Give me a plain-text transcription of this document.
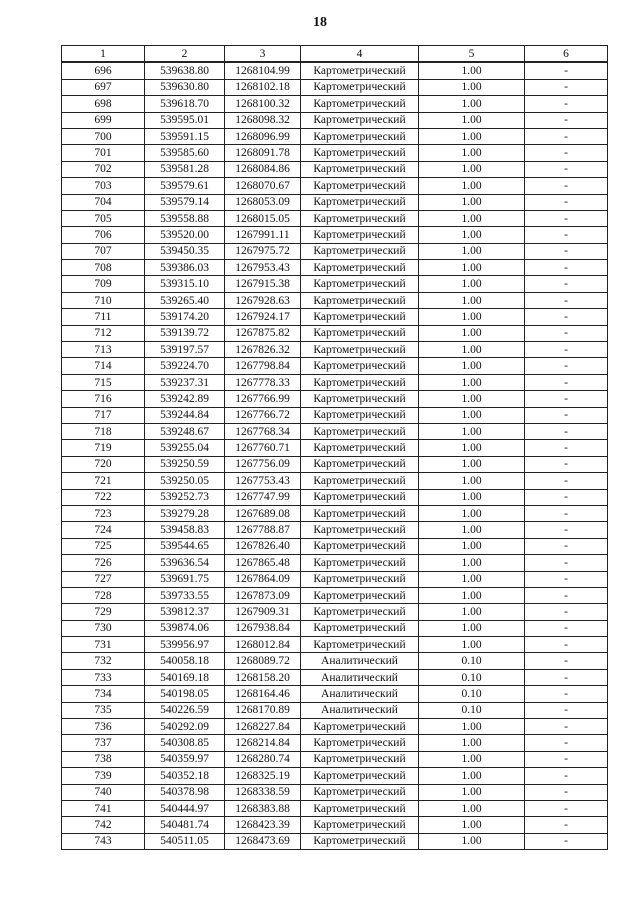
18
1	2	3	4	5	6
696	539638.80	1268104.99	Картометрический	1.00	-
697	539630.80	1268102.18	Картометрический	1.00	-
698	539618.70	1268100.32	Картометрический	1.00	-
699	539595.01	1268098.32	Картометрический	1.00	-
700	539591.15	1268096.99	Картометрический	1.00	-
701	539585.60	1268091.78	Картометрический	1.00	-
702	539581.28	1268084.86	Картометрический	1.00	-
703	539579.61	1268070.67	Картометрический	1.00	-
704	539579.14	1268053.09	Картометрический	1.00	-
705	539558.88	1268015.05	Картометрический	1.00	-
706	539520.00	1267991.11	Картометрический	1.00	-
707	539450.35	1267975.72	Картометрический	1.00	-
708	539386.03	1267953.43	Картометрический	1.00	-
709	539315.10	1267915.38	Картометрический	1.00	-
710	539265.40	1267928.63	Картометрический	1.00	-
711	539174.20	1267924.17	Картометрический	1.00	-
712	539139.72	1267875.82	Картометрический	1.00	-
713	539197.57	1267826.32	Картометрический	1.00	-
714	539224.70	1267798.84	Картометрический	1.00	-
715	539237.31	1267778.33	Картометрический	1.00	-
716	539242.89	1267766.99	Картометрический	1.00	-
717	539244.84	1267766.72	Картометрический	1.00	-
718	539248.67	1267768.34	Картометрический	1.00	-
719	539255.04	1267760.71	Картометрический	1.00	-
720	539250.59	1267756.09	Картометрический	1.00	-
721	539250.05	1267753.43	Картометрический	1.00	-
722	539252.73	1267747.99	Картометрический	1.00	-
723	539279.28	1267689.08	Картометрический	1.00	-
724	539458.83	1267788.87	Картометрический	1.00	-
725	539544.65	1267826.40	Картометрический	1.00	-
726	539636.54	1267865.48	Картометрический	1.00	-
727	539691.75	1267864.09	Картометрический	1.00	-
728	539733.55	1267873.09	Картометрический	1.00	-
729	539812.37	1267909.31	Картометрический	1.00	-
730	539874.06	1267938.84	Картометрический	1.00	-
731	539956.97	1268012.84	Картометрический	1.00	-
732	540058.18	1268089.72	Аналитический	0.10	-
733	540169.18	1268158.20	Аналитический	0.10	-
734	540198.05	1268164.46	Аналитический	0.10	-
735	540226.59	1268170.89	Аналитический	0.10	-
736	540292.09	1268227.84	Картометрический	1.00	-
737	540308.85	1268214.84	Картометрический	1.00	-
738	540359.97	1268280.74	Картометрический	1.00	-
739	540352.18	1268325.19	Картометрический	1.00	-
740	540378.98	1268338.59	Картометрический	1.00	-
741	540444.97	1268383.88	Картометрический	1.00	-
742	540481.74	1268423.39	Картометрический	1.00	-
743	540511.05	1268473.69	Картометрический	1.00	-
